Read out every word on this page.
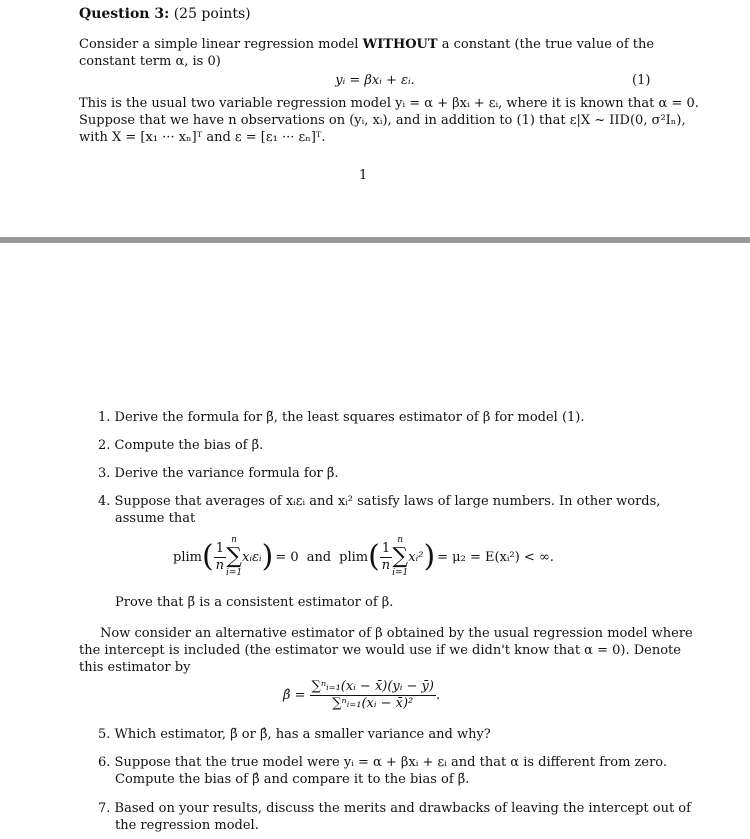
Question 3: (25 points)
Consider a simple linear regression model WITHOUT a constant (the true value of the
constant term α, is 0)
yᵢ = βxᵢ + εᵢ.	(1)
This is the usual two variable regression model yᵢ = α + βxᵢ + εᵢ, where it is known that α = 0.
Suppose that we have n observations on (yᵢ, xᵢ), and in addition to (1) that ε|X ~ IID(0, σ²Iₙ),
with X = [x₁ ··· xₙ]ᵀ and ε = [ε₁ ··· εₙ]ᵀ.
1
1. Derive the formula for β̃, the least squares estimator of β for model (1).
2. Compute the bias of β̃.
3. Derive the variance formula for β̃.
4. Suppose that averages of xᵢεᵢ and xᵢ² satisfy laws of large numbers. In other words,
assume that
plim ( $\frac{1}{n}$
n
∑
i=1
xᵢεᵢ ) = 0 and plim ( $\frac{1}{n}$
n
∑
i=1
xᵢ² ) = μ₂ = E(xᵢ²) < ∞.
Prove that β̃ is a consistent estimator of β.
Now consider an alternative estimator of β obtained by the usual regression model where
the intercept is included (the estimator we would use if we didn't know that α = 0). Denote
this estimator by
β̂ = $\frac{\text{∑ⁿᵢ₌₁(xᵢ − x̄)(yᵢ − ȳ)}}{\text{∑ⁿᵢ₌₁(xᵢ − x̄)²}}$ .
5. Which estimator, β̃ or β̂, has a smaller variance and why?
6. Suppose that the true model were yᵢ = α + βxᵢ + εᵢ and that α is different from zero.
Compute the bias of β̂ and compare it to the bias of β̃.
7. Based on your results, discuss the merits and drawbacks of leaving the intercept out of
the regression model.
